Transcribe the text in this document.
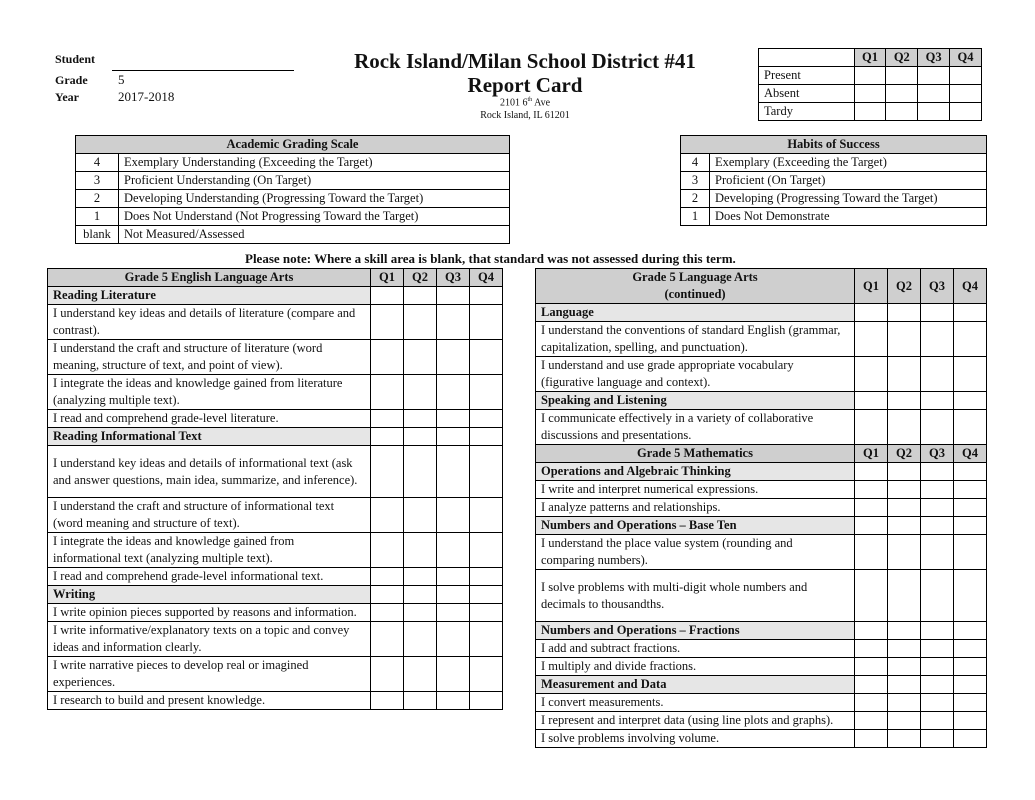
Student
Grade 5
Year	2017-2018
Rock Island/Milan School District #41
Report Card
2101 6th Ave
Rock Island, IL 61201
	Q1	Q2	Q3	Q4
Present				
Absent				
Tardy				
Academic Grading Scale	
4	Exemplary Understanding (Exceeding the Target)
3	Proficient Understanding (On Target)
2	Developing Understanding (Progressing Toward the Target)
1	Does Not Understand (Not Progressing Toward the Target)
blank	Not Measured/Assessed
Habits of Success	
4	Exemplary (Exceeding the Target)
3	Proficient (On Target)
2	Developing (Progressing Toward the Target)
1	Does Not Demonstrate
Please note: Where a skill area is blank, that standard was not assessed during this term.
Grade 5 English Language Arts	Q1	Q2	Q3	Q4
Reading Literature				
I understand key ideas and details of literature (compare and contrast).				
I understand the craft and structure of literature (word meaning, structure of text, and point of view).				
I integrate the ideas and knowledge gained from literature (analyzing multiple text).				
I read and comprehend grade-level literature.				
Reading Informational Text				
I understand key ideas and details of informational text (ask and answer questions, main idea, summarize, and inference).				
I understand the craft and structure of informational text (word meaning and structure of text).				
I integrate the ideas and knowledge gained from informational text (analyzing multiple text).				
I read and comprehend grade-level informational text.				
Writing				
I write opinion pieces supported by reasons and information.				
I write informative/explanatory texts on a topic and convey ideas and information clearly.				
I write narrative pieces to develop real or imagined experiences.				
I research to build and present knowledge.				
Grade 5 Language Arts
(continued)	Q1	Q2	Q3	Q4
Language				
I understand the conventions of standard English (grammar, capitalization, spelling, and punctuation).				
I understand and use grade appropriate vocabulary (figurative language and context).				
Speaking and Listening				
I communicate effectively in a variety of collaborative discussions and presentations.				
Grade 5 Mathematics	Q1	Q2	Q3	Q4
Operations and Algebraic Thinking				
I write and interpret numerical expressions.				
I analyze patterns and relationships.				
Numbers and Operations – Base Ten				
I understand the place value system (rounding and comparing numbers).				
I solve problems with multi-digit whole numbers and decimals to thousandths.				
Numbers and Operations – Fractions				
I add and subtract fractions.				
I multiply and divide fractions.				
Measurement and Data				
I convert measurements.				
I represent and interpret data (using line plots and graphs).				
I solve problems involving volume.				
